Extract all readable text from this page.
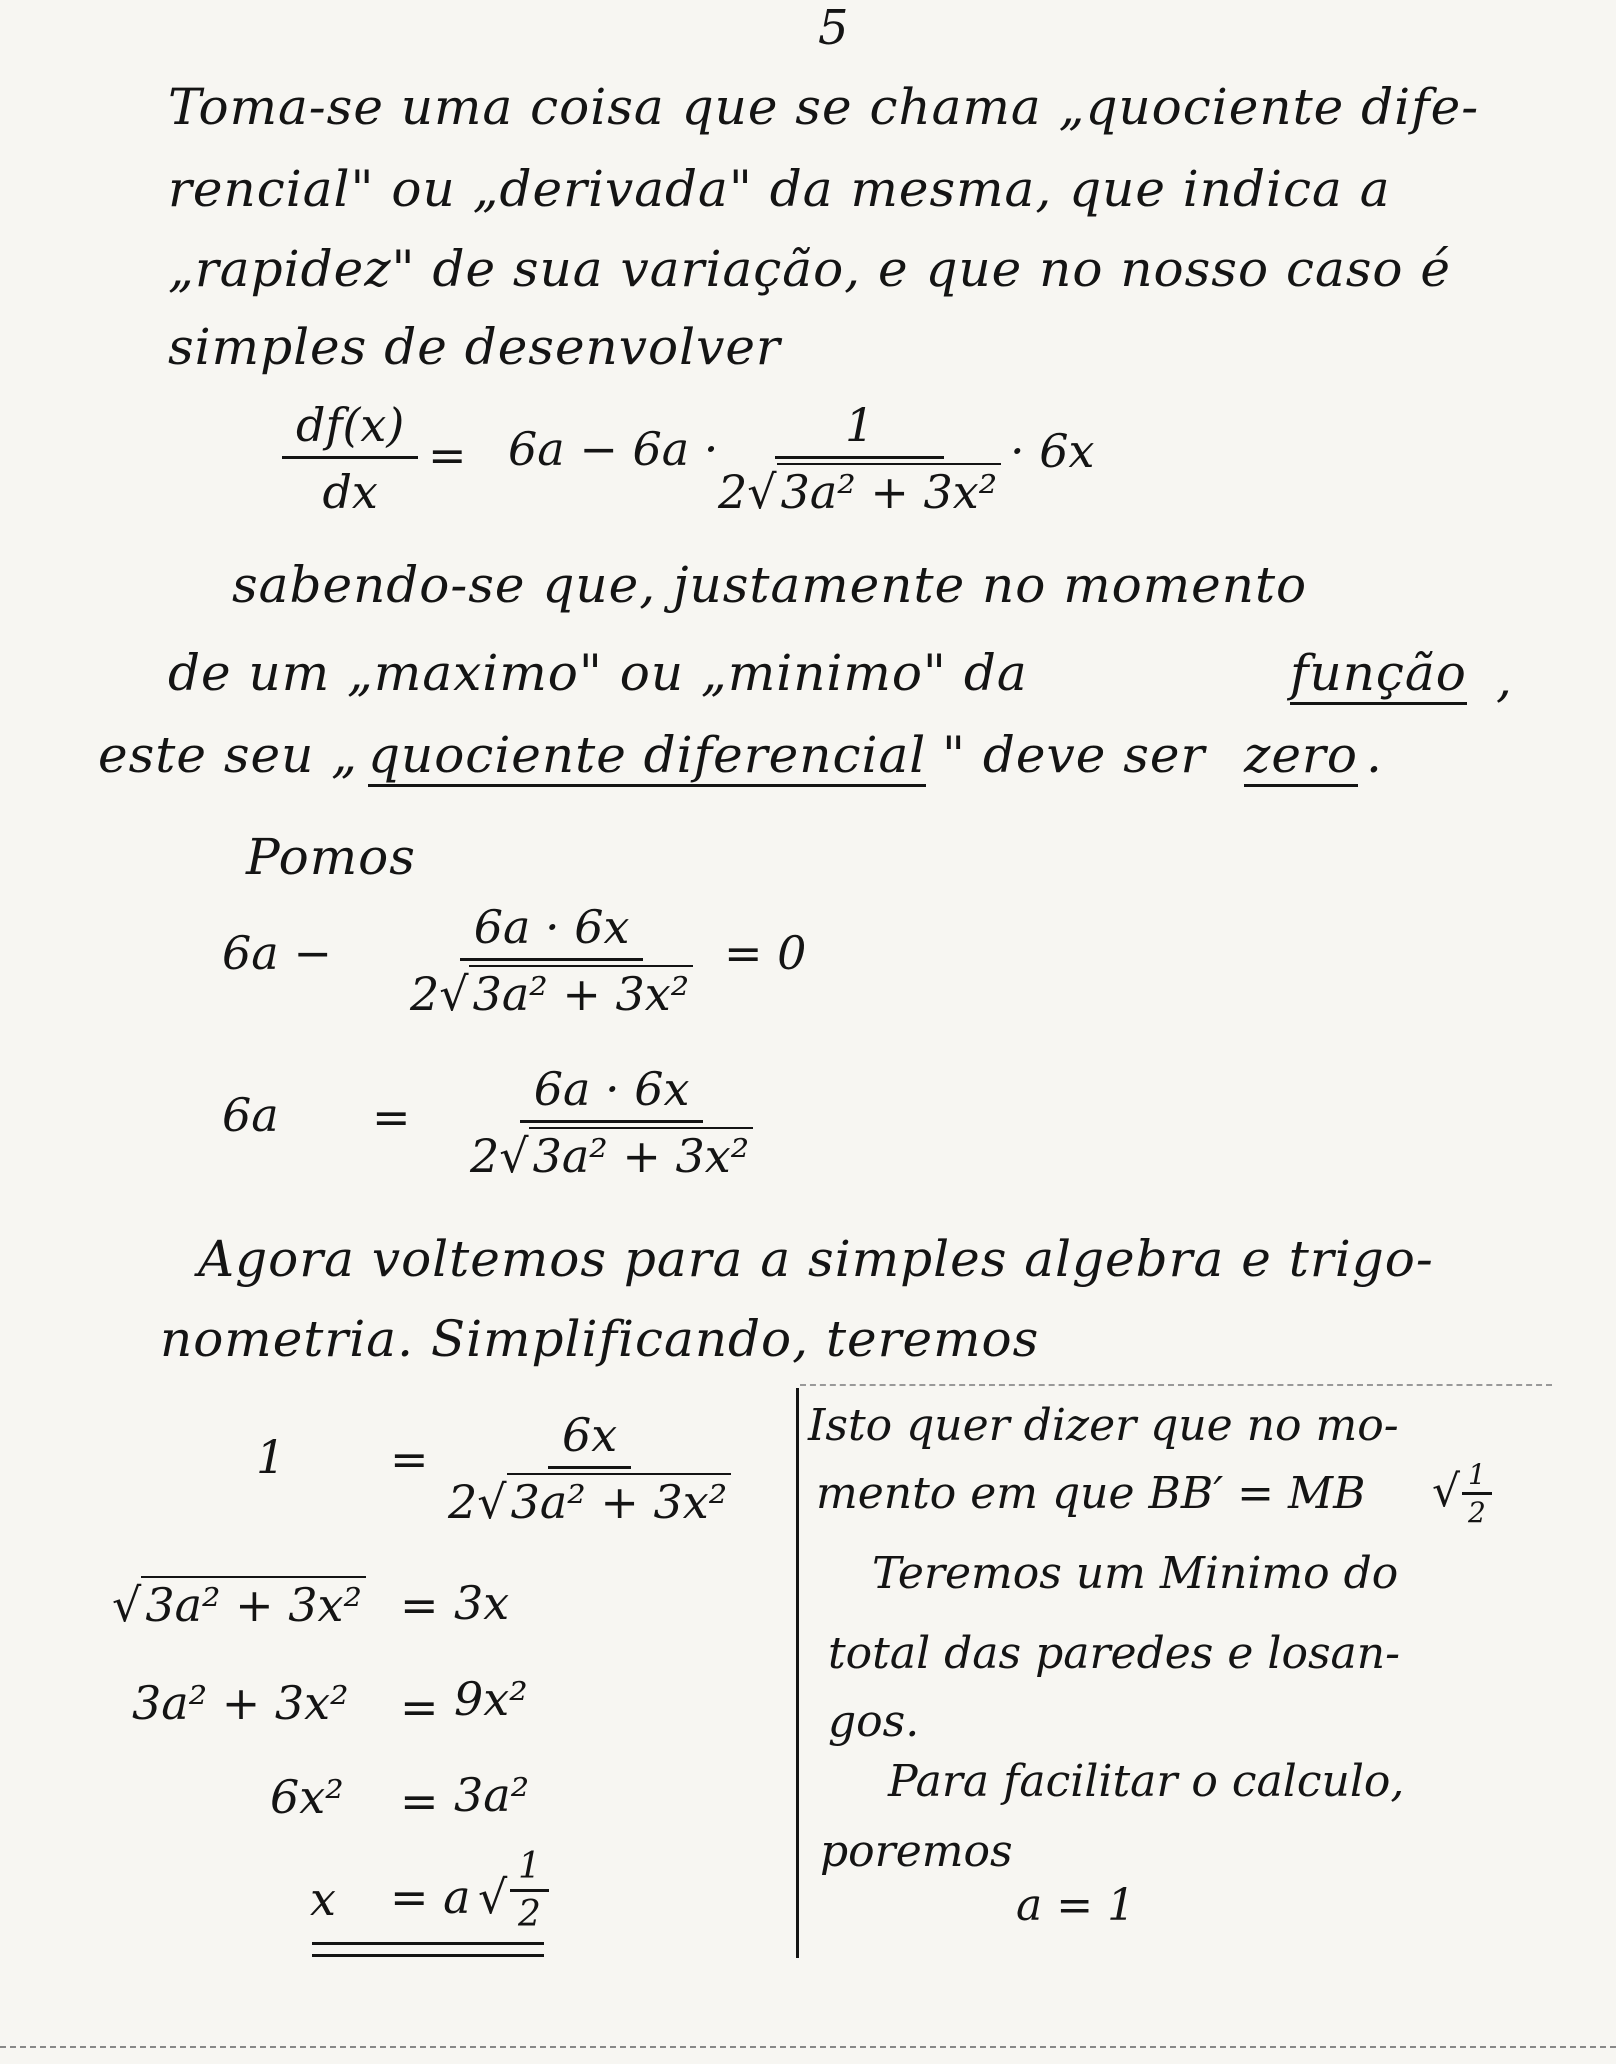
5
Toma-se uma coisa que se chama „quociente dife-
rencial" ou „derivada" da mesma, que indica a
„rapidez" de sua variação, e que no nosso caso é
simples de desenvolver
$\frac{df(x)}{dx} = 6a - 6a \cdot \frac{1}{\text{2√3a² + 3x²}} \cdot 6x$
sabendo-se que, justamente no momento
de um „maximo" ou „minimo" da	função ,
este seu „ quociente diferencial " deve ser zero .
Pomos
$6a - \frac{6a \cdot 6x}{\text{2√3a² + 3x²}} = 0$
$6a = \frac{6a \cdot 6x}{\text{2√3a² + 3x²}}$
Agora voltemos para a simples algebra e trigo-
nometria. Simplificando, teremos
$1 = \frac{6x}{\text{2√3a² + 3x²}}$
√3a² + 3x² = 3x
3a² + 3x² = 9x²
6x² = 3a²
x = a √ $\frac{1}{2}$
Isto quer dizer que no mo-
mento em que BB′ = MB √ $\frac{1}{2}$
Teremos um Minimo do
total das paredes e losan-
gos.
Para facilitar o calculo,
poremos
a = 1
